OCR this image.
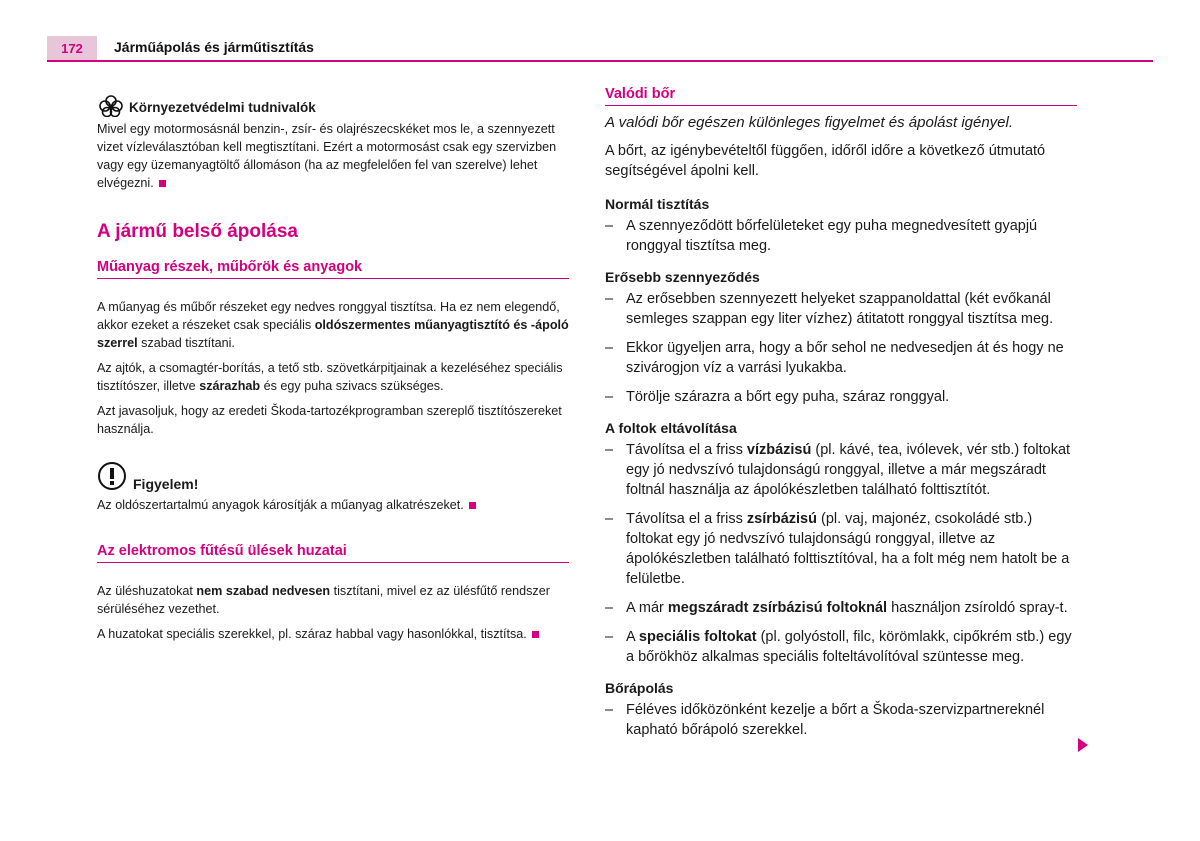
172	Járműápolás és járműtisztítás
Környezetvédelmi tudnivalók

Mivel egy motormosásnál benzin-, zsír- és olajrészecskéket mos le, a szennyezett vizet vízleválasztóban kell megtisztítani. Ezért a motormosást csak egy szervizben vagy egy üzemanyagtöltő állomáson (ha az megfelelően fel van szerelve) lehet elvégezni.

A jármű belső ápolása
Műanyag részek, műbőrök és anyagok

A műanyag és műbőr részeket egy nedves ronggyal tisztítsa. Ha ez nem elegendő, akkor ezeket a részeket csak speciális oldószermentes műanyagtisztító és -ápoló szerrel szabad tisztítani.

Az ajtók, a csomagtér-borítás, a tető stb. szövetkárpitjainak a kezeléséhez speciális tisztítószer, illetve szárazhab és egy puha szivacs szükséges.

Azt javasoljuk, hogy az eredeti Škoda-tartozékprogramban szereplő tisztítószereket használja.

Figyelem!

Az oldószertartalmú anyagok károsítják a műanyag alkatrészeket.

Az elektromos fűtésű ülések huzatai

Az üléshuzatokat nem szabad nedvesen tisztítani, mivel ez az ülésfűtő rendszer sérüléséhez vezethet.

A huzatokat speciális szerekkel, pl. száraz habbal vagy hasonlókkal, tisztítsa.

Valódi bőr

A valódi bőr egészen különleges figyelmet és ápolást igényel.

A bőrt, az igénybevételtől függően, időről időre a következő útmutató segítségével ápolni kell.

Normál tisztítás
– A szennyeződött bőrfelületeket egy puha megnedvesített gyapjú ronggyal tisztítsa meg.
Erősebb szennyeződés
– Az erősebben szennyezett helyeket szappanoldattal (két evőkanál semleges szappan egy liter vízhez) átitatott ronggyal tisztítsa meg.
– Ekkor ügyeljen arra, hogy a bőr sehol ne nedvesedjen át és hogy ne szivárogjon víz a varrási lyukakba.
– Törölje szárazra a bőrt egy puha, száraz ronggyal.
A foltok eltávolítása
– Távolítsa el a friss vízbázisú (pl. kávé, tea, ivólevek, vér stb.) foltokat egy jó nedvszívó tulajdonságú ronggyal, illetve a már megszáradt foltnál használja az ápolókészletben található folttisztítót.
– Távolítsa el a friss zsírbázisú (pl. vaj, majonéz, csokoládé stb.) foltokat egy jó nedvszívó tulajdonságú ronggyal, illetve az ápolókészletben található folttisztítóval, ha a folt még nem hatolt be a felületbe.
– A már megszáradt zsírbázisú foltoknál használjon zsíroldó spray-t.
– A speciális foltokat (pl. golyóstoll, filc, körömlakk, cipőkrém stb.) egy a bőrökhöz alkalmas speciális folteltávolítóval szüntesse meg.
Bőrápolás
– Féléves időközönként kezelje a bőrt a Škoda-szervizpartnereknél kapható bőrápoló szerekkel.
